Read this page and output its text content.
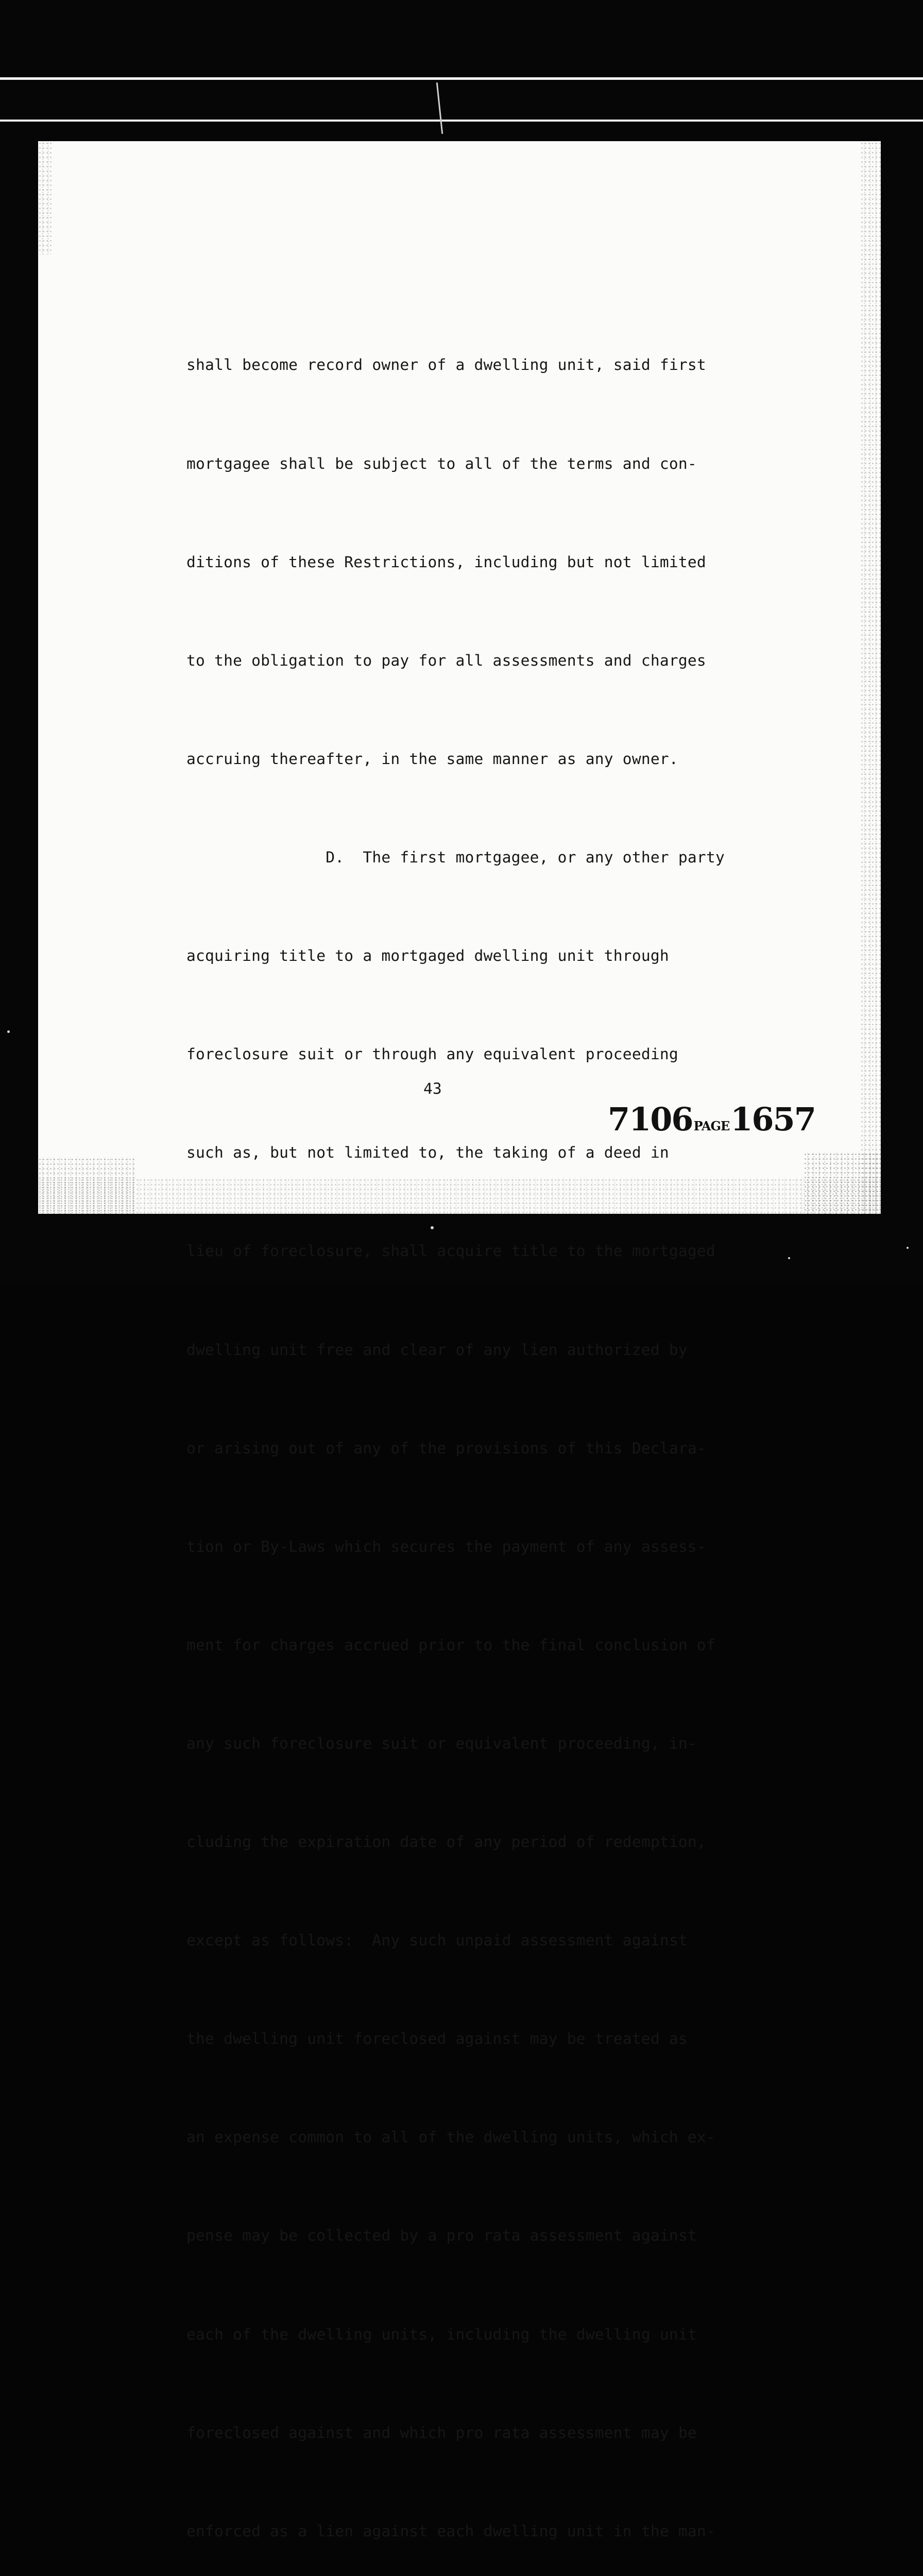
shall become record owner of a dwelling unit, said first

mortgagee shall be subject to all of the terms and con-

ditions of these Restrictions, including but not limited

to the obligation to pay for all assessments and charges

accruing thereafter, in the same manner as any owner.

D.  The first mortgagee, or any other party

acquiring title to a mortgaged dwelling unit through

foreclosure suit or through any equivalent proceeding

such as, but not limited to, the taking of a deed in

lieu of foreclosure, shall acquire title to the mortgaged

dwelling unit free and clear of any lien authorized by

or arising out of any of the provisions of this Declara-

tion or By-Laws which secures the payment of any assess-

ment for charges accrued prior to the final conclusion of

any such foreclosure suit or equivalent proceeding, in-

cluding the expiration date of any period of redemption,

except as follows:  Any such unpaid assessment against

the dwelling unit foreclosed against may be treated as

an expense common to all of the dwelling units, which ex-

pense may be collected by a pro rata assessment against

each of the dwelling units, including the dwelling unit

foreclosed against and which pro rata assessment may be

enforced as a lien against each dwelling unit in the man-

43
7106PAGE1657
